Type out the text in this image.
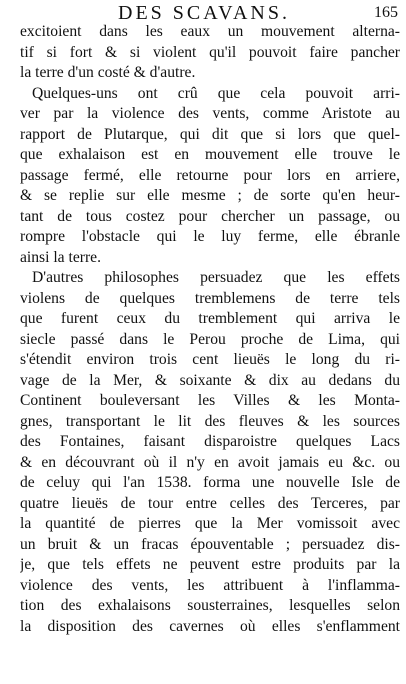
DES SCAVANS.	165
excitoient dans les eaux un mouvement alterna-
tif si fort & si violent qu'il pouvoit faire pancher
la terre d'un costé & d'autre.
Quelques-uns ont crû que cela pouvoit arri-
ver par la violence des vents, comme Aristote au
rapport de Plutarque, qui dit que si lors que quel-
que exhalaison est en mouvement elle trouve le
passage fermé, elle retourne pour lors en arriere,
& se replie sur elle mesme ; de sorte qu'en heur-
tant de tous costez pour chercher un passage, ou
rompre l'obstacle qui le luy ferme, elle ébranle
ainsi la terre.
D'autres philosophes persuadez que les effets
violens de quelques tremblemens de terre tels
que furent ceux du tremblement qui arriva le
siecle passé dans le Perou proche de Lima, qui
s'étendit environ trois cent lieuës le long du ri-
vage de la Mer, & soixante & dix au dedans du
Continent bouleversant les Villes & les Monta-
gnes, transportant le lit des fleuves & les sources
des Fontaines, faisant disparoistre quelques Lacs
& en découvrant où il n'y en avoit jamais eu &c. ou
de celuy qui l'an 1538. forma une nouvelle Isle de
quatre lieuës de tour entre celles des Terceres, par
la quantité de pierres que la Mer vomissoit avec
un bruit & un fracas épouventable ; persuadez dis-
je, que tels effets ne peuvent estre produits par la
violence des vents, les attribuent à l'inflamma-
tion des exhalaisons sousterraines, lesquelles selon
la disposition des cavernes où elles s'enflamment
